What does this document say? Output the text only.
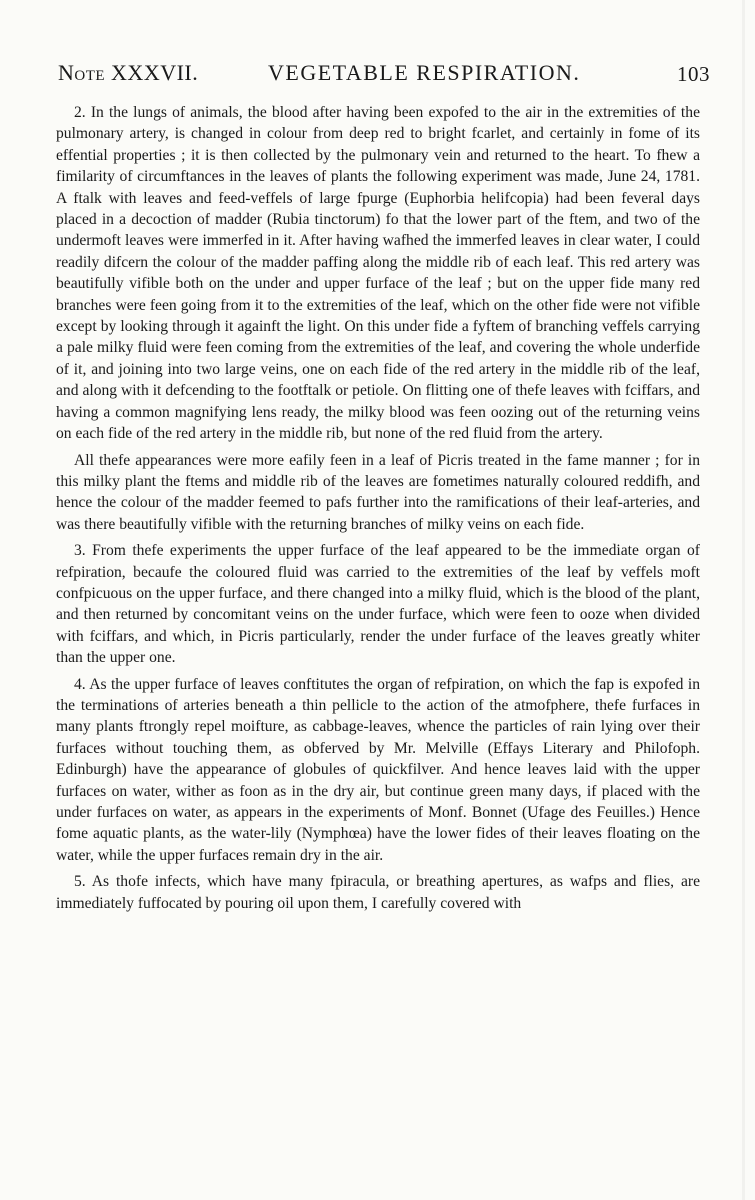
Note XXXVII.	VEGETABLE RESPIRATION.	103

2. In the lungs of animals, the blood after having been expofed to the air in the extremities of the pulmonary artery, is changed in colour from deep red to bright fcarlet, and certainly in fome of its effential properties ; it is then collected by the pulmonary vein and returned to the heart. To fhew a fimilarity of circumftances in the leaves of plants the following experiment was made, June 24, 1781. A ftalk with leaves and feed-veffels of large fpurge (Euphorbia helifcopia) had been feveral days placed in a decoction of madder (Rubia tinctorum) fo that the lower part of the ftem, and two of the undermoft leaves were immerfed in it. After having wafhed the immerfed leaves in clear water, I could readily difcern the colour of the madder paffing along the middle rib of each leaf. This red artery was beautifully vifible both on the under and upper furface of the leaf ; but on the upper fide many red branches were feen going from it to the extremities of the leaf, which on the other fide were not vifible except by looking through it againft the light. On this under fide a fyftem of branching veffels carrying a pale milky fluid were feen coming from the extremities of the leaf, and covering the whole underfide of it, and joining into two large veins, one on each fide of the red artery in the middle rib of the leaf, and along with it defcending to the footftalk or petiole. On flitting one of thefe leaves with fciffars, and having a common magnifying lens ready, the milky blood was feen oozing out of the returning veins on each fide of the red artery in the middle rib, but none of the red fluid from the artery.

All thefe appearances were more eafily feen in a leaf of Picris treated in the fame manner ; for in this milky plant the ftems and middle rib of the leaves are fometimes naturally coloured reddifh, and hence the colour of the madder feemed to pafs further into the ramifications of their leaf-arteries, and was there beautifully vifible with the returning branches of milky veins on each fide.

3. From thefe experiments the upper furface of the leaf appeared to be the immediate organ of refpiration, becaufe the coloured fluid was carried to the extremities of the leaf by veffels moft confpicuous on the upper furface, and there changed into a milky fluid, which is the blood of the plant, and then returned by concomitant veins on the under furface, which were feen to ooze when divided with fciffars, and which, in Picris particularly, render the under furface of the leaves greatly whiter than the upper one.

4. As the upper furface of leaves conftitutes the organ of refpiration, on which the fap is expofed in the terminations of arteries beneath a thin pellicle to the action of the atmofphere, thefe furfaces in many plants ftrongly repel moifture, as cabbage-leaves, whence the particles of rain lying over their furfaces without touching them, as obferved by Mr. Melville (Effays Literary and Philofoph. Edinburgh) have the appearance of globules of quickfilver. And hence leaves laid with the upper furfaces on water, wither as foon as in the dry air, but continue green many days, if placed with the under furfaces on water, as appears in the experiments of Monf. Bonnet (Ufage des Feuilles.) Hence fome aquatic plants, as the water-lily (Nymphœa) have the lower fides of their leaves floating on the water, while the upper furfaces remain dry in the air.

5. As thofe infects, which have many fpiracula, or breathing apertures, as wafps and flies, are immediately fuffocated by pouring oil upon them, I carefully covered with
